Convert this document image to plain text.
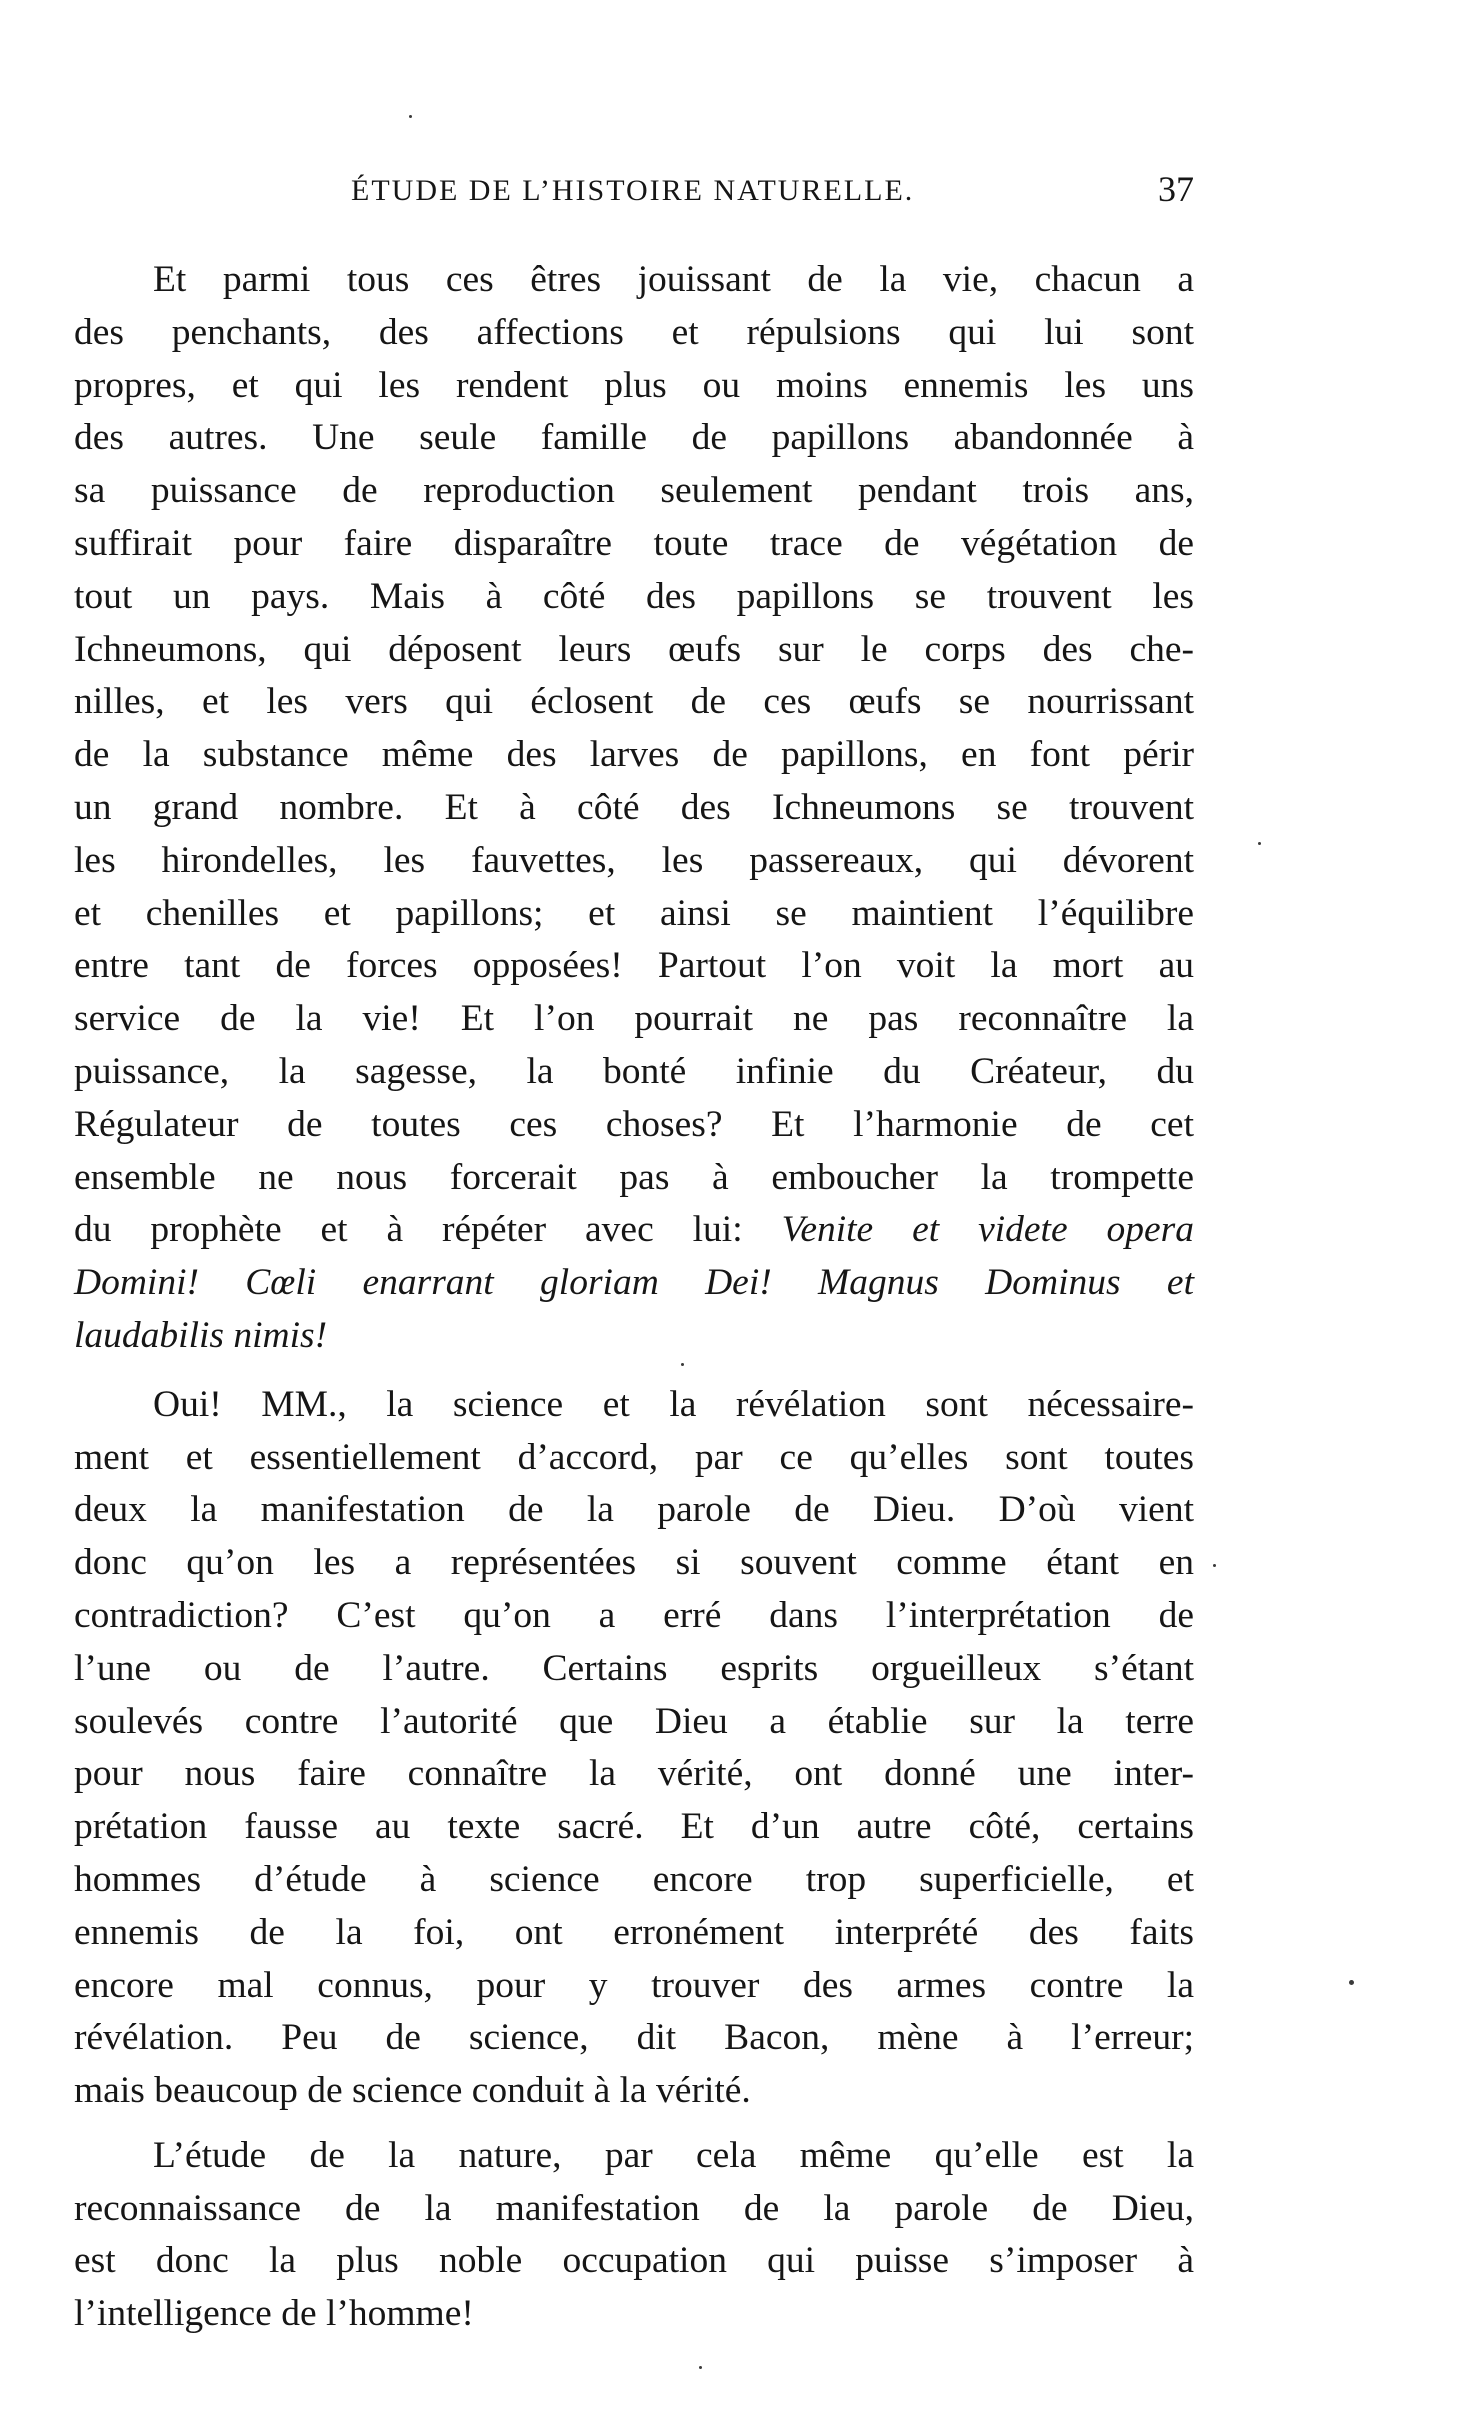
ÉTUDE DE L’HISTOIRE NATURELLE.	37
Et parmi tous ces êtres jouissant de la vie, chacun a
des penchants, des affections et répulsions qui lui sont
propres, et qui les rendent plus ou moins ennemis les uns
des autres. Une seule famille de papillons abandonnée à
sa puissance de reproduction seulement pendant trois ans,
suffirait pour faire disparaître toute trace de végétation de
tout un pays. Mais à côté des papillons se trouvent les
Ichneumons, qui déposent leurs œufs sur le corps des che-
nilles, et les vers qui éclosent de ces œufs se nourrissant
de la substance même des larves de papillons, en font périr
un grand nombre. Et à côté des Ichneumons se trouvent
les hirondelles, les fauvettes, les passereaux, qui dévorent
et chenilles et papillons; et ainsi se maintient l’équilibre
entre tant de forces opposées! Partout l’on voit la mort au
service de la vie! Et l’on pourrait ne pas reconnaître la
puissance, la sagesse, la bonté infinie du Créateur, du
Régulateur de toutes ces choses? Et l’harmonie de cet
ensemble ne nous forcerait pas à emboucher la trompette
du prophète et à répéter avec lui: Venite et videte opera
Domini! Cœli enarrant gloriam Dei! Magnus Dominus et
laudabilis nimis!
Oui! MM., la science et la révélation sont nécessaire-
ment et essentiellement d’accord, par ce qu’elles sont toutes
deux la manifestation de la parole de Dieu. D’où vient
donc qu’on les a représentées si souvent comme étant en
contradiction? C’est qu’on a erré dans l’interprétation de
l’une ou de l’autre. Certains esprits orgueilleux s’étant
soulevés contre l’autorité que Dieu a établie sur la terre
pour nous faire connaître la vérité, ont donné une inter-
prétation fausse au texte sacré. Et d’un autre côté, certains
hommes d’étude à science encore trop superficielle, et
ennemis de la foi, ont erronément interprété des faits
encore mal connus, pour y trouver des armes contre la
révélation. Peu de science, dit Bacon, mène à l’erreur;
mais beaucoup de science conduit à la vérité.
L’étude de la nature, par cela même qu’elle est la
reconnaissance de la manifestation de la parole de Dieu,
est donc la plus noble occupation qui puisse s’imposer à
l’intelligence de l’homme!
